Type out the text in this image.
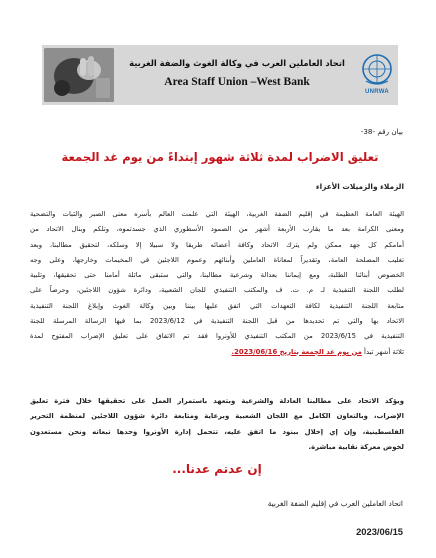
اتحاد العاملين العرب في وكالة الغوث والضفة الغربية
Area Staff Union –West Bank
UNRWA
بيان رقم -38-
تعليق الاضراب لمدة ثلاثة شهور إبتداءً من يوم غد الجمعة
الزملاء والزميلات الأعزاء
الهيئة العامة العظيمة في إقليم الضفة الغربية، الهيئة التي علمت العالم بأسره معنى الصبر والثبات والتضحية
ومعنى الكرامة بعد ما يقارب الأربعة أشهر من الصمود الأسطوري الذي جسدتموه، وتلكم وبنال الاتحاد من
أمامكم كل جهد ممكن ولم يترك الاتحاد وكافة أعضائه طريقا ولا سبيلا إلا وسلكه، لتحقيق مطالبنا، وبعد
تغليب المصلحة العامة، وتقديراً لمعاناة العاملين وأبنائهم وعموم اللاجئين في المخيمات وخارجها، وعلى وجه
الخصوص أبنائنا الطلبة، ومع إيماننا بعدالة وشرعية مطالبنا، والتي ستبقى ماثلة أمامنا حتى تحقيقها، وتلبية
لطلب اللجنة التنفيذية لـ م. ت. ف والمكتب التنفيذي للجان الشعبية، ودائرة شؤون اللاجئين، وحرصاً على
متابعة اللجنة التنفيذية لكافة التعهدات التي اتفق عليها بيننا وبين وكالة الغوث وإبلاغ اللجنة التنفيذية
الاتحاد بها والتي تم تحديدها من قبل اللجنة التنفيذية في 2023/6/12 بما فيها الرسالة المرسلة للجنة
التنفيذية في 2023/6/15 من المكتب التنفيذي للأونروا فقد تم الاتفاق على تعليق الإضراب المفتوح لمدة
ثلاثة أشهر تبدأ من يوم غد الجمعة بتاريخ 2023/06/16.
ويؤكد الاتحاد على مطالبنا العادلة والشرعية وبتعهد باستمرار العمل على تحقيقها خلال فترة تعليق
الإضراب، وبالتعاون الكامل مع اللجان الشعبية وبرعاية ومتابعة دائرة شؤون اللاجئين لمنظمة التحرير
الفلسطينية، وإن إي إخلال ببنود ما اتفق عليه، تتحمل إدارة الأونروا وحدها تبعاته ونحن مستعدون
لخوض معركة نقابية مباشرة.
إن عدتم عدنا...
اتحاد العاملين العرب في إقليم الضفة الغربية
2023/06/15
